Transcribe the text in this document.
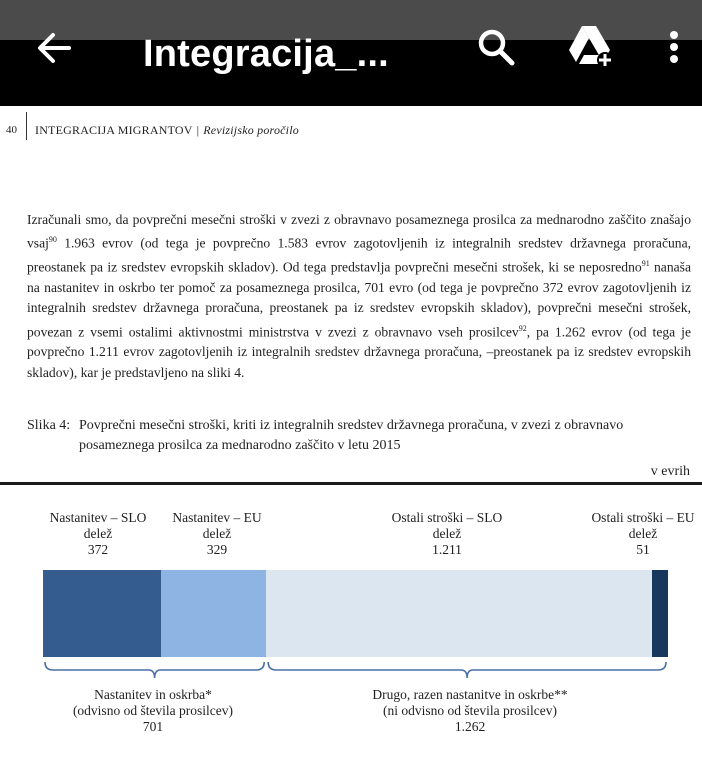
Integracija_...
40 INTEGRACIJA MIGRANTOV | Revizijsko poročilo
Izračunali smo, da povprečni mesečni stroški v zvezi z obravnavo posameznega prosilca za mednarodno zaščito znašajo vsaj$^{90}$ 1.963 evrov (od tega je povprečno 1.583 evrov zagotovljenih iz integralnih sredstev državnega proračuna, preostanek pa iz sredstev evropskih skladov). Od tega predstavlja povprečni mesečni strošek, ki se neposredno$^{91}$ nanaša na nastanitev in oskrbo ter pomoč za posameznega prosilca, 701 evro (od tega je povprečno 372 evrov zagotovljenih iz integralnih sredstev državnega proračuna, preostanek pa iz sredstev evropskih skladov), povprečni mesečni strošek, povezan z vsemi ostalimi aktivnostmi ministrstva v zvezi z obravnavo vseh prosilcev$^{92}$, pa 1.262 evrov (od tega je povprečno 1.211 evrov zagotovljenih iz integralnih sredstev državnega proračuna, –preostanek pa iz sredstev evropskih skladov), kar je predstavljeno na sliki 4.
Slika 4: Povprečni mesečni stroški, kriti iz integralnih sredstev državnega proračuna, v zvezi z obravnavo posameznega prosilca za mednarodno zaščito v letu 2015
v evrih
Nastanitev – SLO
delež
372
Nastanitev – EU
delež
329
Ostali stroški – SLO
delež
1.211
Ostali stroški – EU
delež
51
Nastanitev in oskrba*
(odvisno od števila prosilcev)
701
Drugo, razen nastanitve in oskrbe**
(ni odvisno od števila prosilcev)
1.262
